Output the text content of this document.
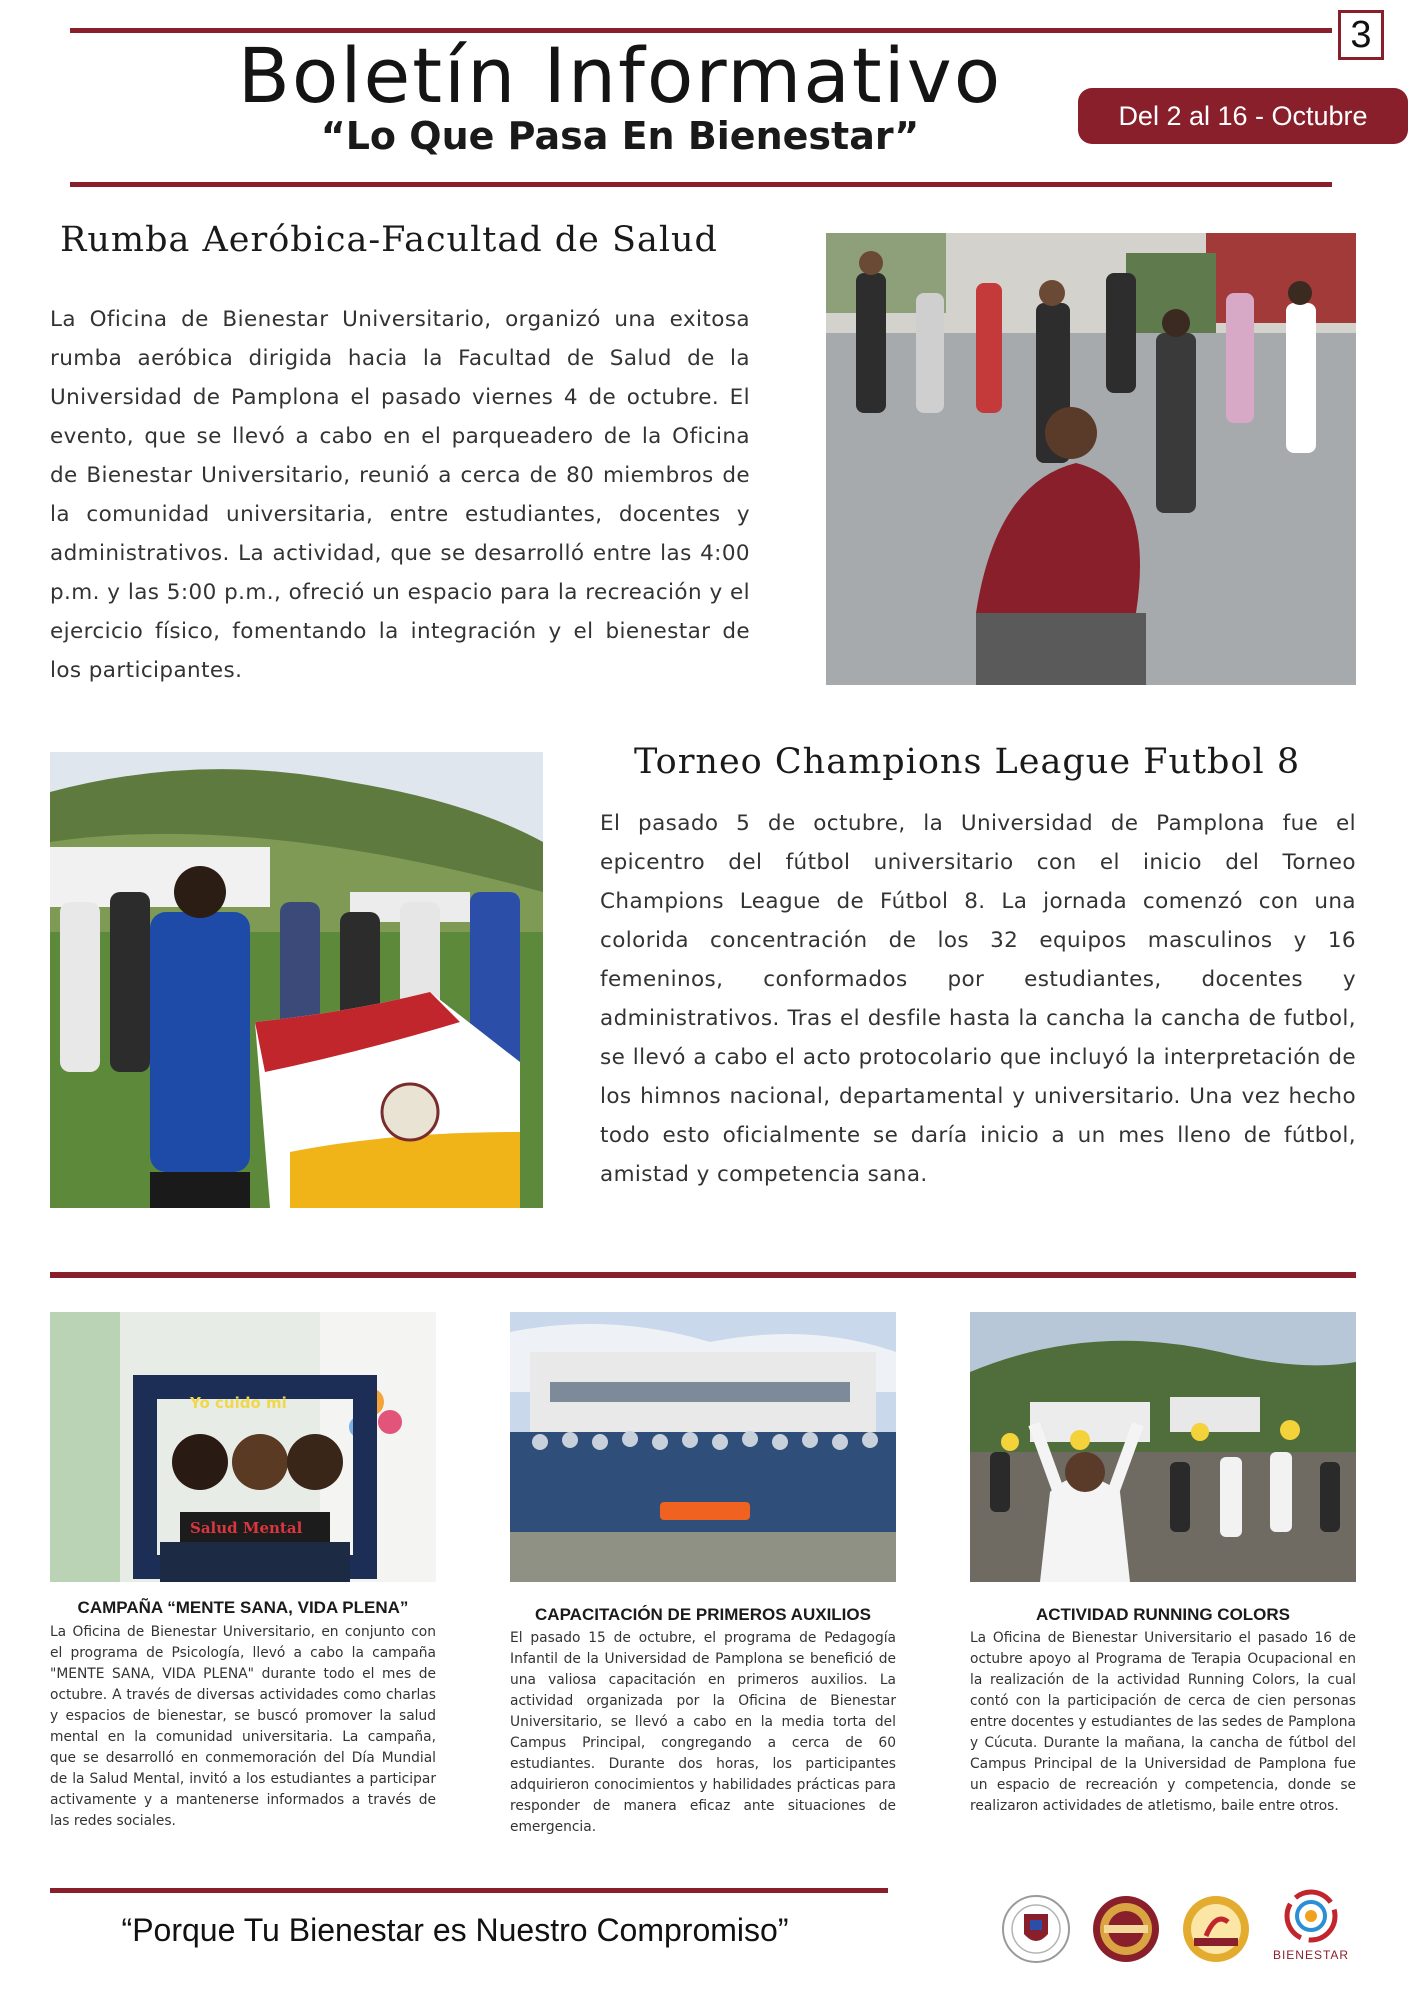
3
Boletín Informativo
“Lo Que Pasa En Bienestar”	Del 2 al 16 - Octubre
Rumba Aeróbica-Facultad de Salud
La Oficina de Bienestar Universitario, organizó una exitosa rumba aeróbica dirigida hacia la Facultad de Salud de la Universidad de Pamplona el pasado viernes 4 de octubre. El evento, que se llevó a cabo en el parqueadero de la Oficina de Bienestar Universitario, reunió a cerca de 80 miembros de la comunidad universitaria, entre estudiantes, docentes y administrativos. La actividad, que se desarrolló entre las 4:00 p.m. y las 5:00 p.m., ofreció un espacio para la recreación y el ejercicio físico, fomentando la integración y el bienestar de los participantes.
Torneo Champions League Futbol 8
El pasado 5 de octubre, la Universidad de Pamplona fue el epicentro del fútbol universitario con el inicio del Torneo Champions League de Fútbol 8. La jornada comenzó con una colorida concentración de los 32 equipos masculinos y 16 femeninos, conformados por estudiantes, docentes y administrativos. Tras el desfile hasta la cancha la cancha de futbol, se llevó a cabo el acto protocolario que incluyó la interpretación de los himnos nacional, departamental y universitario. Una vez hecho todo esto oficialmente se daría inicio a un mes lleno de fútbol, amistad y competencia sana.
Yo cuido mi
Salud Mental
CAMPAÑA “MENTE SANA, VIDA PLENA”
La Oficina de Bienestar Universitario, en conjunto con el programa de Psicología, llevó a cabo la campaña "MENTE SANA, VIDA PLENA" durante todo el mes de octubre. A través de diversas actividades como charlas y espacios de bienestar, se buscó promover la salud mental en la comunidad universitaria. La campaña, que se desarrolló en conmemoración del Día Mundial de la Salud Mental, invitó a los estudiantes a participar activamente y a mantenerse informados a través de las redes sociales.
CAPACITACIÓN DE PRIMEROS AUXILIOS
El pasado 15 de octubre, el programa de Pedagogía Infantil de la Universidad de Pamplona se benefició de una valiosa capacitación en primeros auxilios. La actividad organizada por la Oficina de Bienestar Universitario, se llevó a cabo en la media torta del Campus Principal, congregando a cerca de 60 estudiantes. Durante dos horas, los participantes adquirieron conocimientos y habilidades prácticas para responder de manera eficaz ante situaciones de emergencia.
ACTIVIDAD RUNNING COLORS
La Oficina de Bienestar Universitario el pasado 16 de octubre apoyo al Programa de Terapia Ocupacional en la realización de la actividad Running Colors, la cual contó con la participación de cerca de cien personas entre docentes y estudiantes de las sedes de Pamplona y Cúcuta. Durante la mañana, la cancha de fútbol del Campus Principal de la Universidad de Pamplona fue un espacio de recreación y competencia, donde se realizaron actividades de atletismo, baile entre otros.
“Porque Tu Bienestar es Nuestro Compromiso”
BIENESTAR
